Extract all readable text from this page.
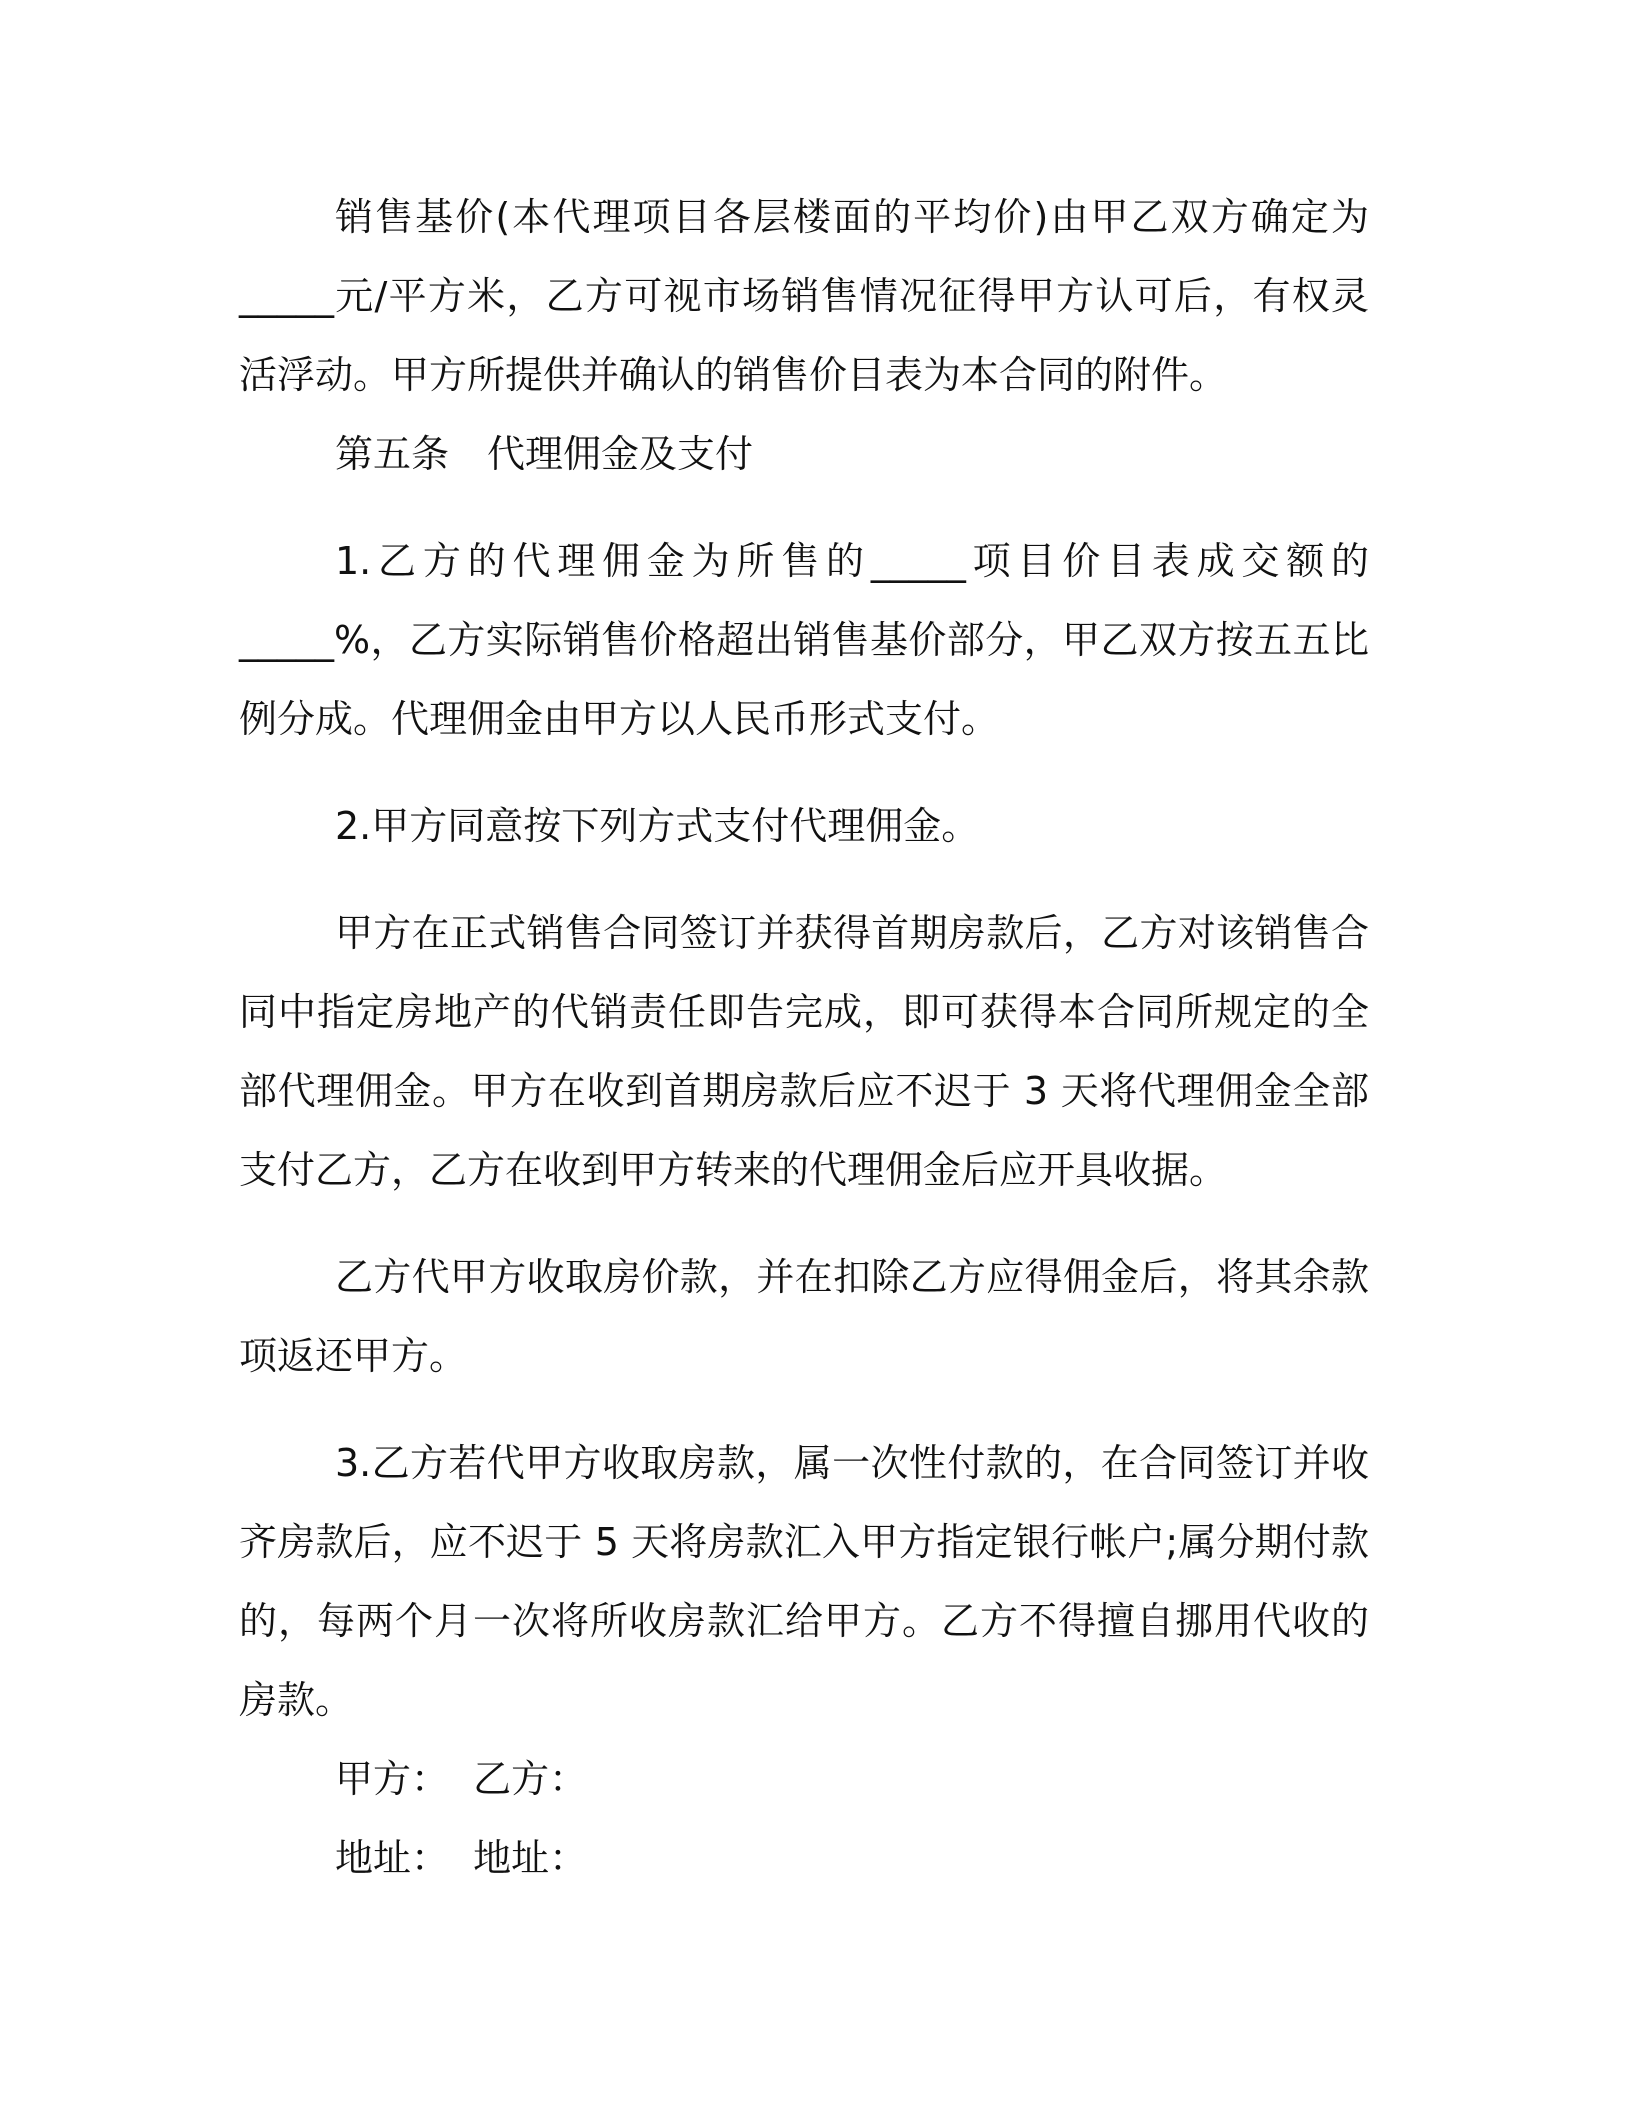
销售基价(本代理项目各层楼面的平均价)由甲乙双方确定为_____元/平方米，乙方可视市场销售情况征得甲方认可后，有权灵活浮动。甲方所提供并确认的销售价目表为本合同的附件。

第五条　代理佣金及支付

1.乙方的代理佣金为所售的_____项目价目表成交额的_____%，乙方实际销售价格超出销售基价部分，甲乙双方按五五比例分成。代理佣金由甲方以人民币形式支付。

2.甲方同意按下列方式支付代理佣金。

甲方在正式销售合同签订并获得首期房款后，乙方对该销售合同中指定房地产的代销责任即告完成，即可获得本合同所规定的全部代理佣金。甲方在收到首期房款后应不迟于 3 天将代理佣金全部支付乙方，乙方在收到甲方转来的代理佣金后应开具收据。

乙方代甲方收取房价款，并在扣除乙方应得佣金后，将其余款项返还甲方。

3.乙方若代甲方收取房款，属一次性付款的，在合同签订并收齐房款后，应不迟于 5 天将房款汇入甲方指定银行帐户;属分期付款的，每两个月一次将所收房款汇给甲方。乙方不得擅自挪用代收的房款。

甲方：  乙方：

地址：  地址：
